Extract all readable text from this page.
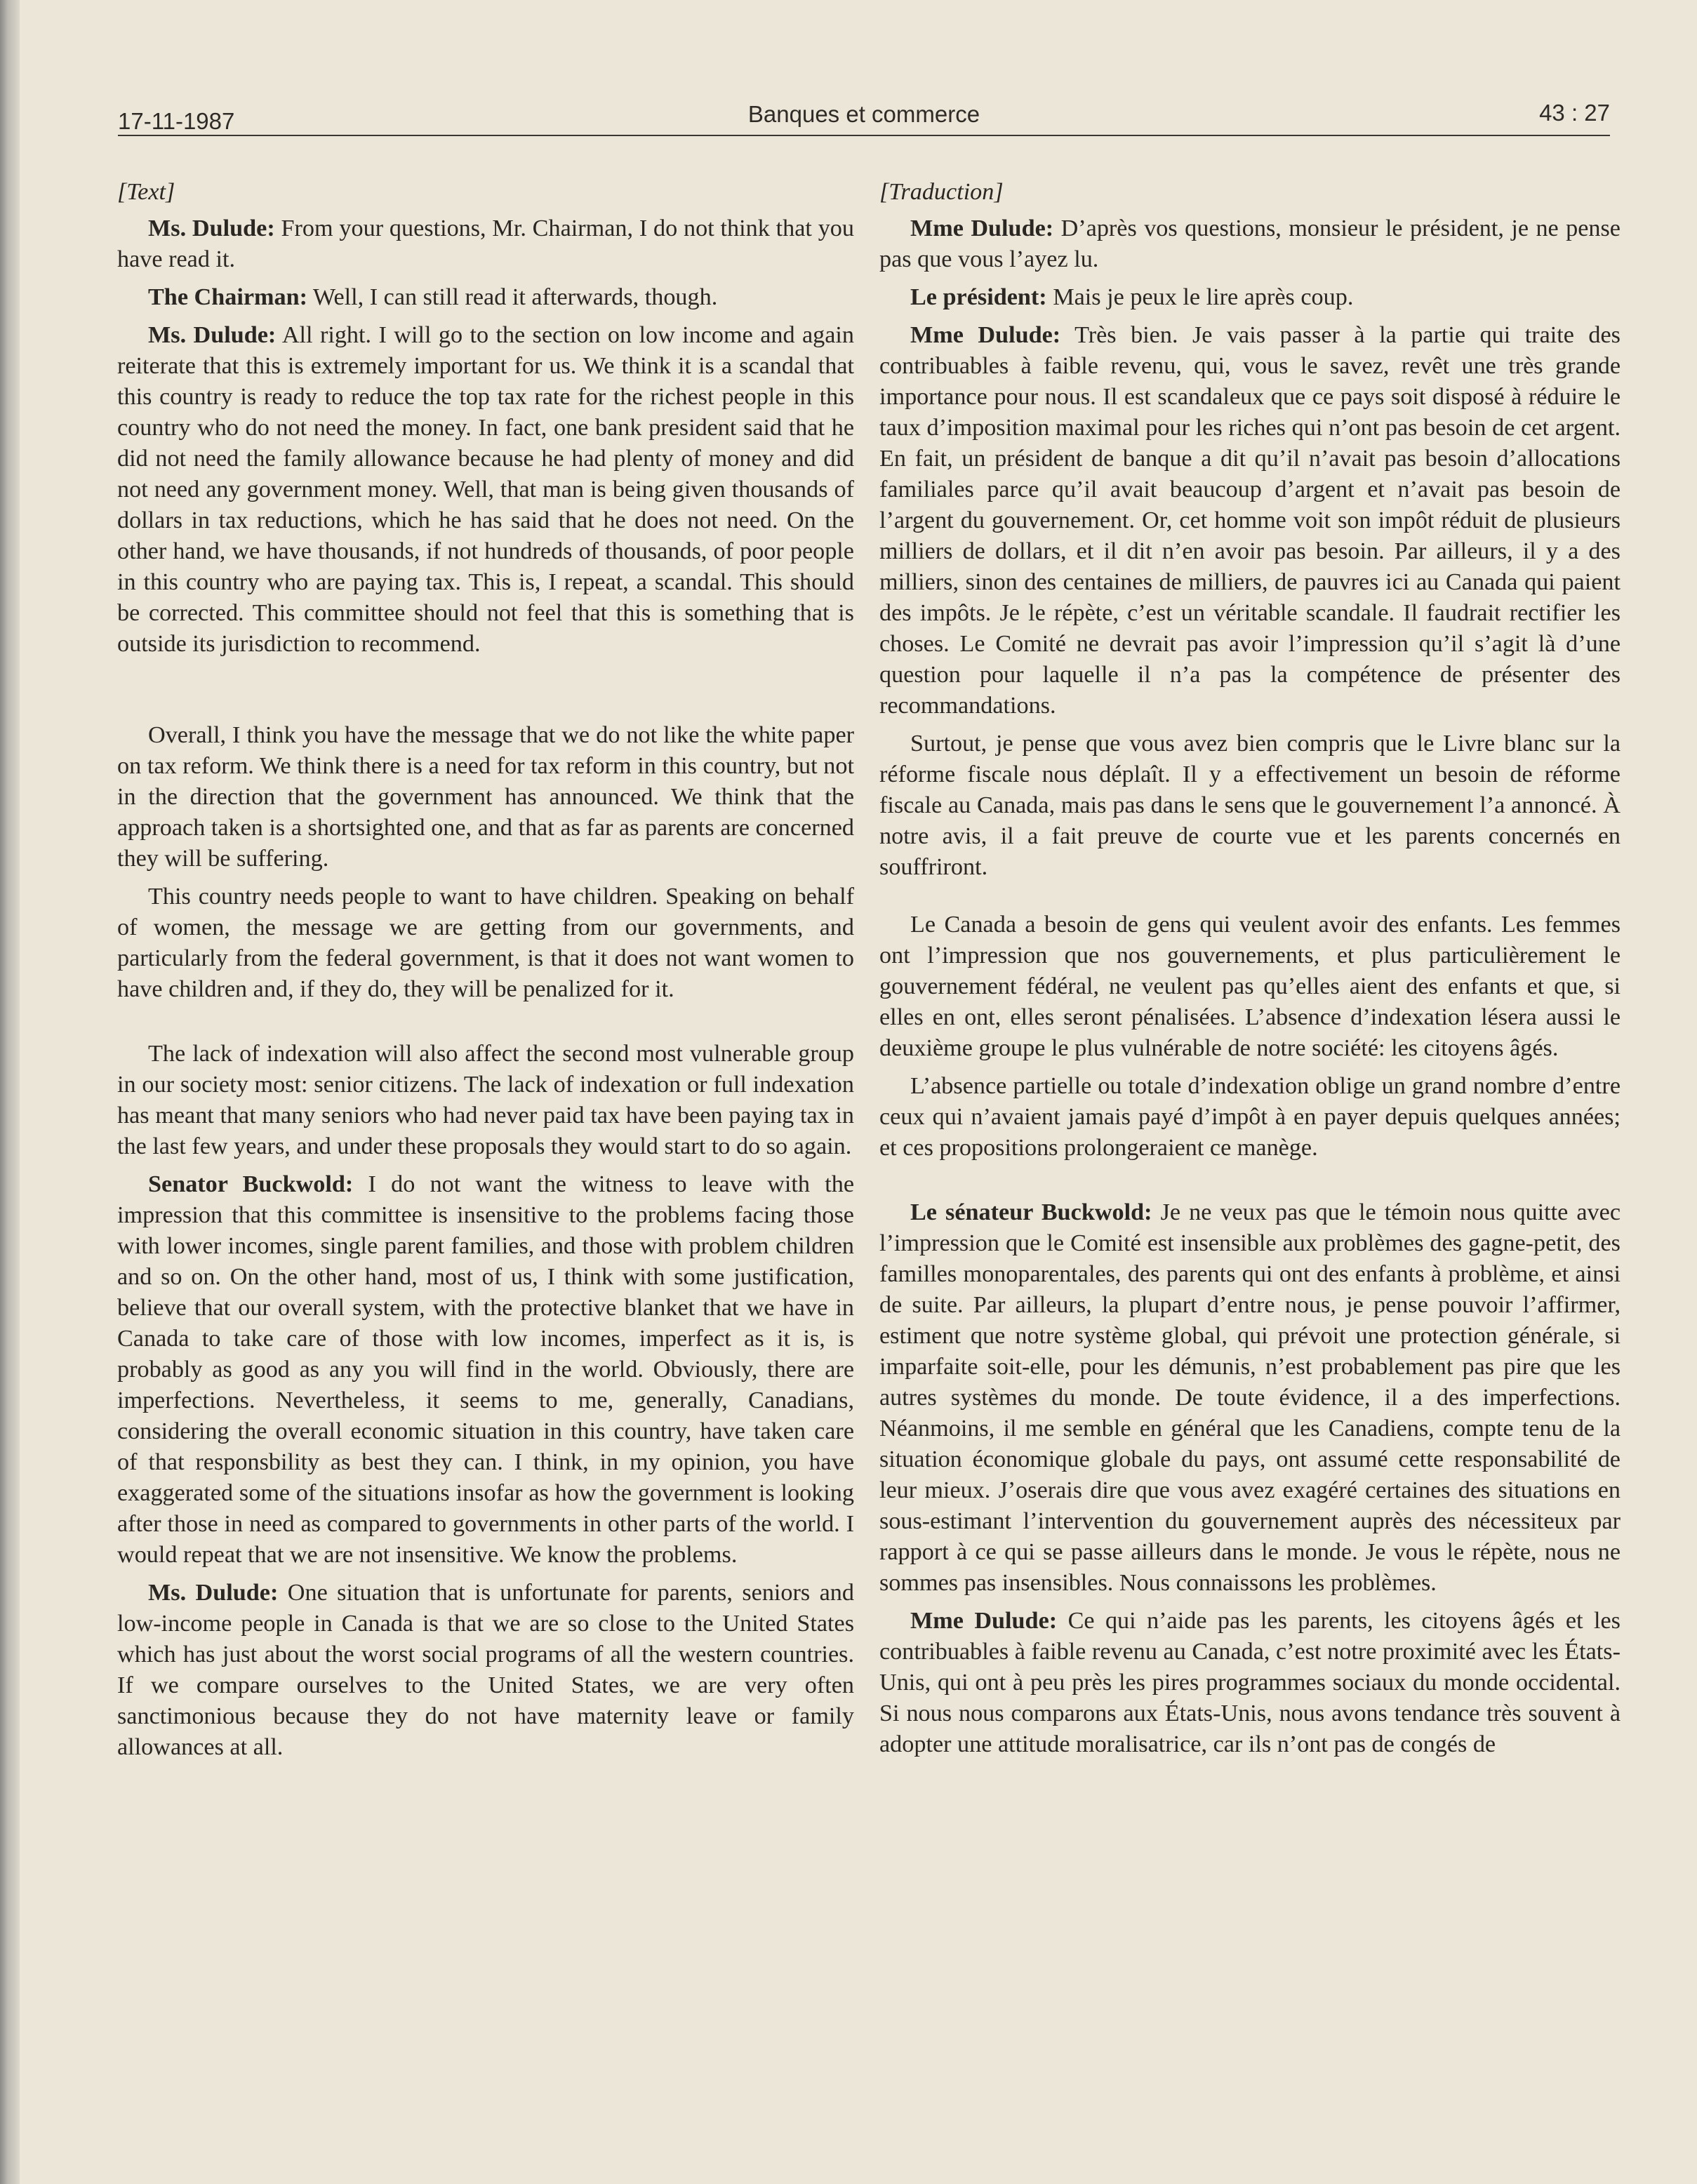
17-11-1987	Banques et commerce	43 : 27

[Text]

Ms. Dulude: From your questions, Mr. Chairman, I do not think that you have read it.

The Chairman: Well, I can still read it afterwards, though.

Ms. Dulude: All right. I will go to the section on low income and again reiterate that this is extremely important for us. We think it is a scandal that this country is ready to reduce the top tax rate for the richest people in this country who do not need the money. In fact, one bank president said that he did not need the family allowance because he had plenty of money and did not need any government money. Well, that man is being given thousands of dollars in tax reductions, which he has said that he does not need. On the other hand, we have thousands, if not hundreds of thousands, of poor people in this country who are paying tax. This is, I repeat, a scandal. This should be corrected. This committee should not feel that this is something that is outside its jurisdiction to recommend.

Overall, I think you have the message that we do not like the white paper on tax reform. We think there is a need for tax reform in this country, but not in the direction that the government has announced. We think that the approach taken is a shortsighted one, and that as far as parents are concerned they will be suffering.

This country needs people to want to have children. Speaking on behalf of women, the message we are getting from our governments, and particularly from the federal government, is that it does not want women to have children and, if they do, they will be penalized for it.

The lack of indexation will also affect the second most vulnerable group in our society most: senior citizens. The lack of indexation or full indexation has meant that many seniors who had never paid tax have been paying tax in the last few years, and under these proposals they would start to do so again.

Senator Buckwold: I do not want the witness to leave with the impression that this committee is insensitive to the problems facing those with lower incomes, single parent families, and those with problem children and so on. On the other hand, most of us, I think with some justification, believe that our overall system, with the protective blanket that we have in Canada to take care of those with low incomes, imperfect as it is, is probably as good as any you will find in the world. Obviously, there are imperfections. Nevertheless, it seems to me, generally, Canadians, considering the overall economic situation in this country, have taken care of that responsbility as best they can. I think, in my opinion, you have exaggerated some of the situations insofar as how the government is looking after those in need as compared to governments in other parts of the world. I would repeat that we are not insensitive. We know the problems.

Ms. Dulude: One situation that is unfortunate for parents, seniors and low-income people in Canada is that we are so close to the United States which has just about the worst social programs of all the western countries. If we compare ourselves to the United States, we are very often sanctimonious because they do not have maternity leave or family allowances at all.

[Traduction]

Mme Dulude: D’après vos questions, monsieur le président, je ne pense pas que vous l’ayez lu.

Le président: Mais je peux le lire après coup.

Mme Dulude: Très bien. Je vais passer à la partie qui traite des contribuables à faible revenu, qui, vous le savez, revêt une très grande importance pour nous. Il est scandaleux que ce pays soit disposé à réduire le taux d’imposition maximal pour les riches qui n’ont pas besoin de cet argent. En fait, un président de banque a dit qu’il n’avait pas besoin d’allocations familiales parce qu’il avait beaucoup d’argent et n’avait pas besoin de l’argent du gouvernement. Or, cet homme voit son impôt réduit de plusieurs milliers de dollars, et il dit n’en avoir pas besoin. Par ailleurs, il y a des milliers, sinon des centaines de milliers, de pauvres ici au Canada qui paient des impôts. Je le répète, c’est un véritable scandale. Il faudrait rectifier les choses. Le Comité ne devrait pas avoir l’impression qu’il s’agit là d’une question pour laquelle il n’a pas la compétence de présenter des recommandations.

Surtout, je pense que vous avez bien compris que le Livre blanc sur la réforme fiscale nous déplaît. Il y a effectivement un besoin de réforme fiscale au Canada, mais pas dans le sens que le gouvernement l’a annoncé. À notre avis, il a fait preuve de courte vue et les parents concernés en souffriront.

Le Canada a besoin de gens qui veulent avoir des enfants. Les femmes ont l’impression que nos gouvernements, et plus particulièrement le gouvernement fédéral, ne veulent pas qu’elles aient des enfants et que, si elles en ont, elles seront pénalisées. L’absence d’indexation lésera aussi le deuxième groupe le plus vulnérable de notre société: les citoyens âgés.

L’absence partielle ou totale d’indexation oblige un grand nombre d’entre ceux qui n’avaient jamais payé d’impôt à en payer depuis quelques années; et ces propositions prolongeraient ce manège.

Le sénateur Buckwold: Je ne veux pas que le témoin nous quitte avec l’impression que le Comité est insensible aux problèmes des gagne-petit, des familles monoparentales, des parents qui ont des enfants à problème, et ainsi de suite. Par ailleurs, la plupart d’entre nous, je pense pouvoir l’affirmer, estiment que notre système global, qui prévoit une protection générale, si imparfaite soit-elle, pour les démunis, n’est probablement pas pire que les autres systèmes du monde. De toute évidence, il a des imperfections. Néanmoins, il me semble en général que les Canadiens, compte tenu de la situation économique globale du pays, ont assumé cette responsabilité de leur mieux. J’oserais dire que vous avez exagéré certaines des situations en sous-estimant l’intervention du gouvernement auprès des nécessiteux par rapport à ce qui se passe ailleurs dans le monde. Je vous le répète, nous ne sommes pas insensibles. Nous connaissons les problèmes.

Mme Dulude: Ce qui n’aide pas les parents, les citoyens âgés et les contribuables à faible revenu au Canada, c’est notre proximité avec les États-Unis, qui ont à peu près les pires programmes sociaux du monde occidental. Si nous nous comparons aux États-Unis, nous avons tendance très souvent à adopter une attitude moralisatrice, car ils n’ont pas de congés de
